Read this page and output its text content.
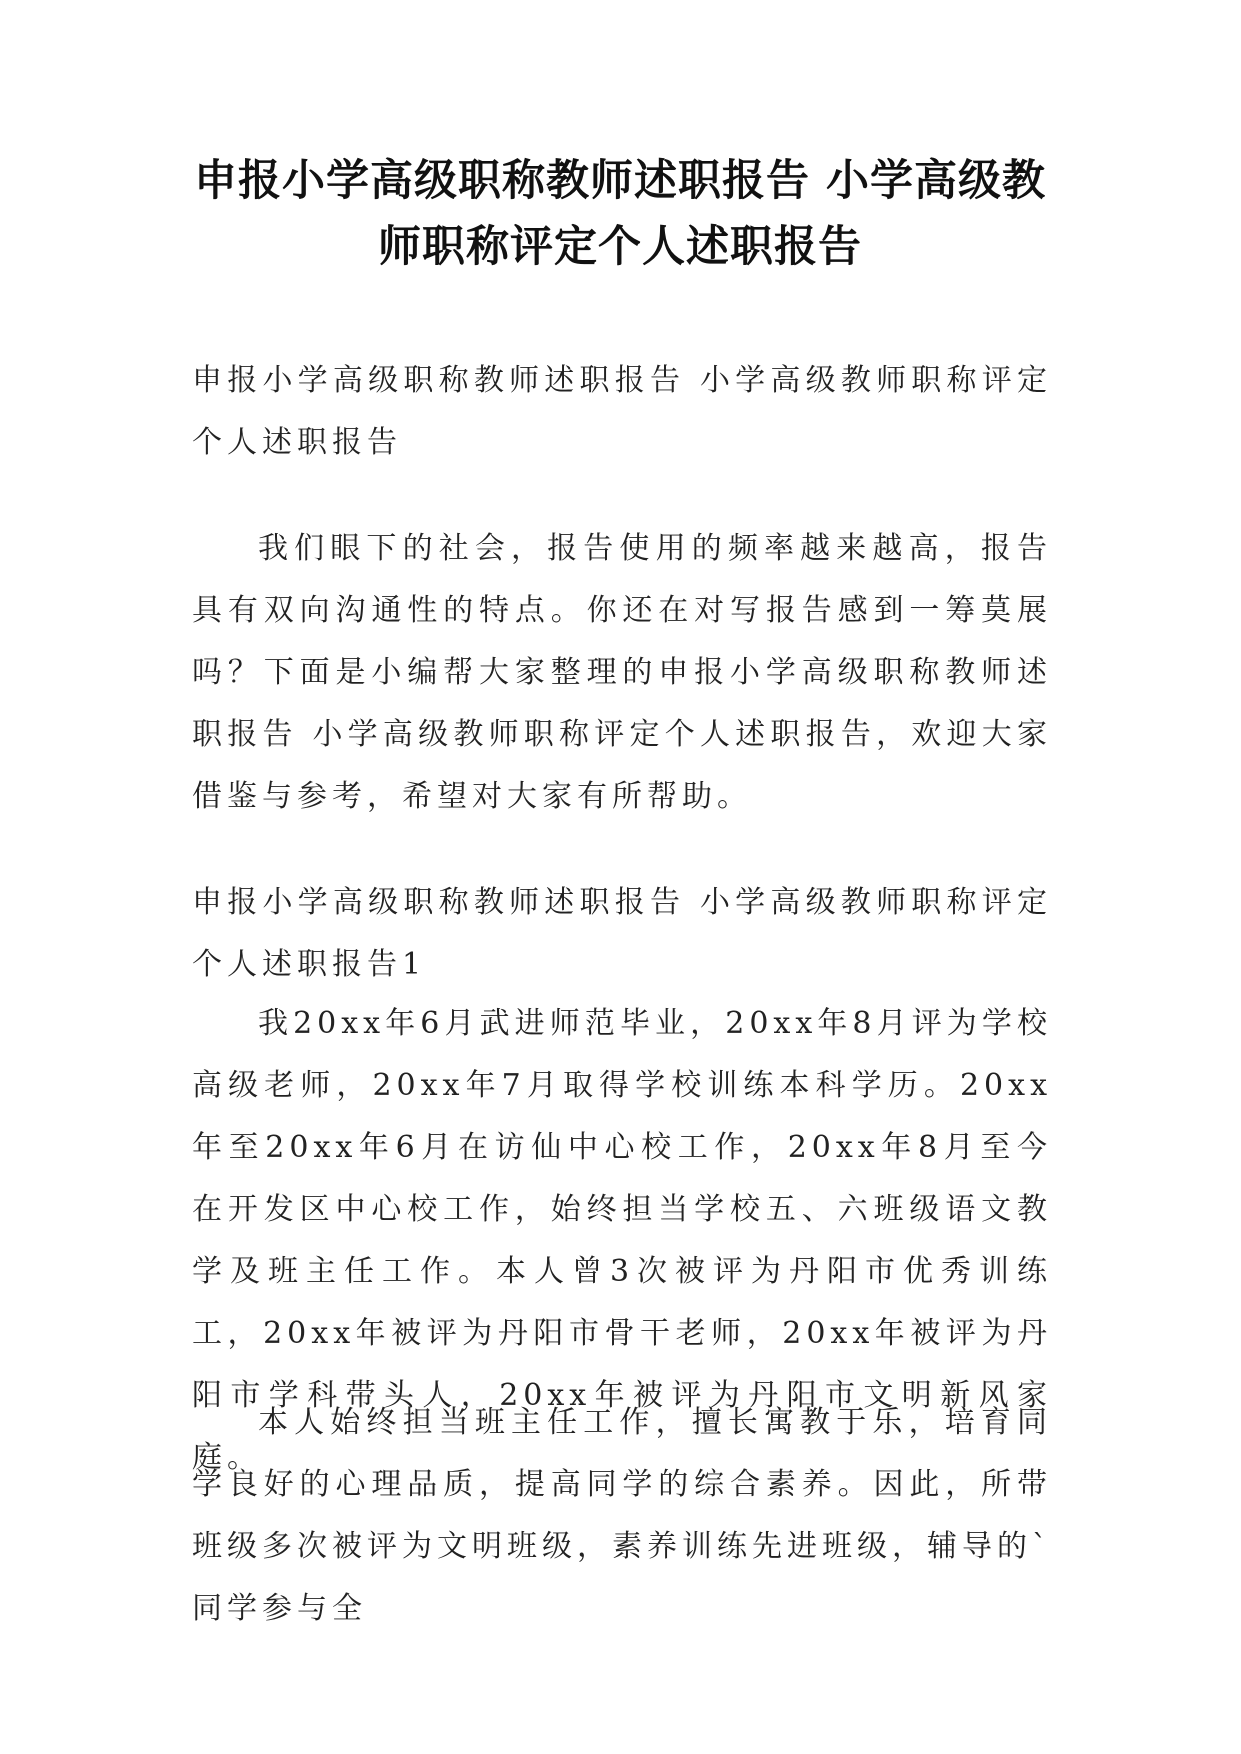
申报小学高级职称教师述职报告 小学高级教师职称评定个人述职报告

申报小学高级职称教师述职报告 小学高级教师职称评定个人述职报告

我们眼下的社会，报告使用的频率越来越高，报告具有双向沟通性的特点。你还在对写报告感到一筹莫展吗？下面是小编帮大家整理的申报小学高级职称教师述职报告 小学高级教师职称评定个人述职报告，欢迎大家借鉴与参考，希望对大家有所帮助。

申报小学高级职称教师述职报告 小学高级教师职称评定个人述职报告1

我20xx年6月武进师范毕业，20xx年8月评为学校高级老师，20xx年7月取得学校训练本科学历。20xx年至20xx年6月在访仙中心校工作，20xx年8月至今在开发区中心校工作，始终担当学校五、六班级语文教学及班主任工作。本人曾3次被评为丹阳市优秀训练工，20xx年被评为丹阳市骨干老师，20xx年被评为丹阳市学科带头人，20xx年被评为丹阳市文明新风家庭。

本人始终担当班主任工作，擅长寓教于乐，培育同学良好的心理品质，提高同学的综合素养。因此，所带班级多次被评为文明班级，素养训练先进班级，辅导的`同学参与全
